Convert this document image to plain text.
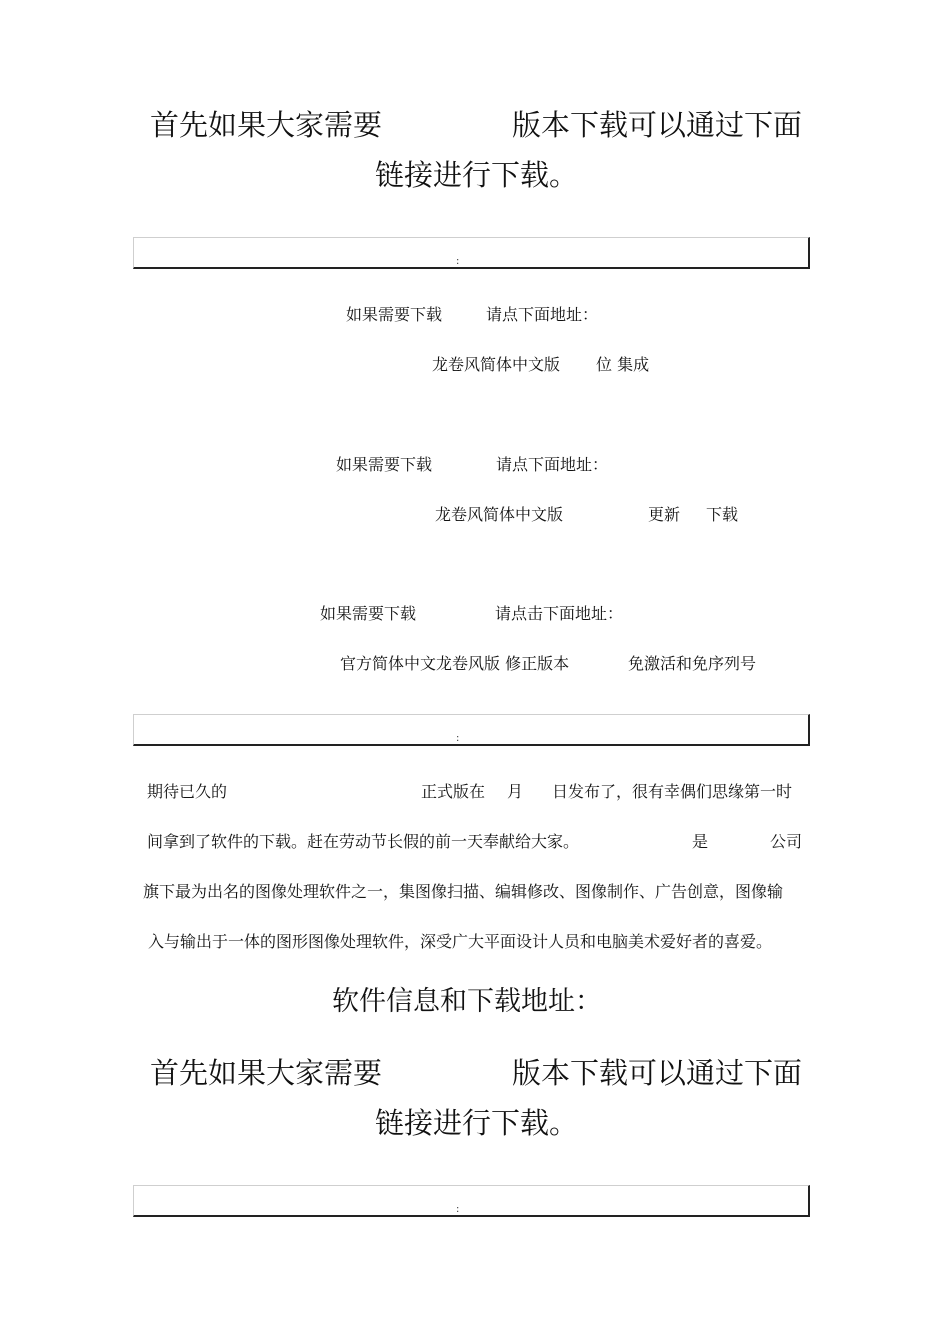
首先如果大家需要	版本下载可以通过下面
链接进行下载。
:
如果需要下载	请点下面地址：
龙卷风简体中文版 位 集成
如果需要下载	请点下面地址：
龙卷风简体中文版	更新 下载
如果需要下载	请点击下面地址：
官方简体中文龙卷风版 修正版本	免激活和免序列号
:
期待已久的	正式版在 月 日发布了，很有幸偶们思缘第一时
间拿到了软件的下载。赶在劳动节长假的前一天奉献给大家。	是	公司
旗下最为出名的图像处理软件之一，集图像扫描、编辑修改、图像制作、广告创意，图像输
入与输出于一体的图形图像处理软件，深受广大平面设计人员和电脑美术爱好者的喜爱。
软件信息和下载地址：
首先如果大家需要	版本下载可以通过下面
链接进行下载。
:
